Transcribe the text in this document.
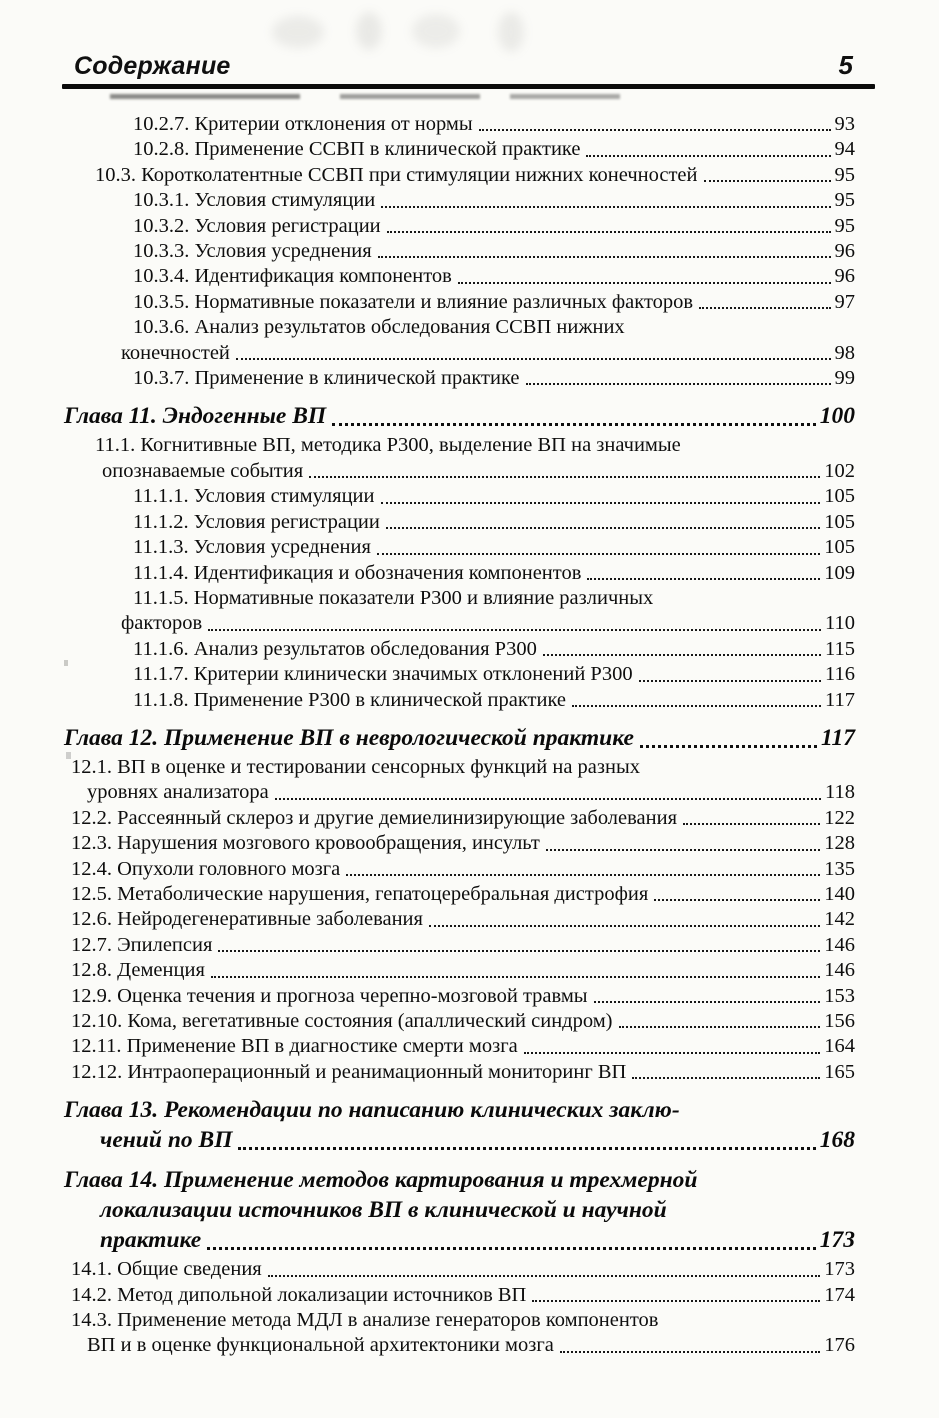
Содержание	5
10.2.7. Критерии отклонения от нормы	93
10.2.8. Применение ССВП в клинической практике	94
10.3. Коротколатентные ССВП при стимуляции нижних конечностей	95
10.3.1. Условия стимуляции	95
10.3.2. Условия регистрации	95
10.3.3. Условия усреднения	96
10.3.4. Идентификация компонентов	96
10.3.5. Нормативные показатели и влияние различных факторов	97
10.3.6. Анализ результатов обследования ССВП нижних
конечностей	98
10.3.7. Применение в клинической практике	99
Глава 11. Эндогенные ВП	100
11.1. Когнитивные ВП, методика Р300, выделение ВП на значимые
опознаваемые события	102
11.1.1. Условия стимуляции	105
11.1.2. Условия регистрации	105
11.1.3. Условия усреднения	105
11.1.4. Идентификация и обозначения компонентов	109
11.1.5. Нормативные показатели Р300 и влияние различных
факторов	110
11.1.6. Анализ результатов обследования Р300	115
11.1.7. Критерии клинически значимых отклонений Р300	116
11.1.8. Применение Р300 в клинической практике	117
Глава 12. Применение ВП в неврологической практике	117
12.1. ВП в оценке и тестировании сенсорных функций на разных
уровнях анализатора	118
12.2. Рассеянный склероз и другие демиелинизирующие заболевания	122
12.3. Нарушения мозгового кровообращения, инсульт	128
12.4. Опухоли головного мозга	135
12.5. Метаболические нарушения, гепатоцеребральная дистрофия	140
12.6. Нейродегенеративные заболевания	142
12.7. Эпилепсия	146
12.8. Деменция	146
12.9. Оценка течения и прогноза черепно-мозговой травмы	153
12.10. Кома, вегетативные состояния (апаллический синдром)	156
12.11. Применение ВП в диагностике смерти мозга	164
12.12. Интраоперационный и реанимационный мониторинг ВП	165
Глава 13. Рекомендации по написанию клинических заклю-
чений по ВП	168
Глава 14. Применение методов картирования и трехмерной
локализации источников ВП в клинической и научной
практике	173
14.1. Общие сведения	173
14.2. Метод дипольной локализации источников ВП	174
14.3. Применение метода МДЛ в анализе генераторов компонентов
ВП и в оценке функциональной архитектоники мозга	176
